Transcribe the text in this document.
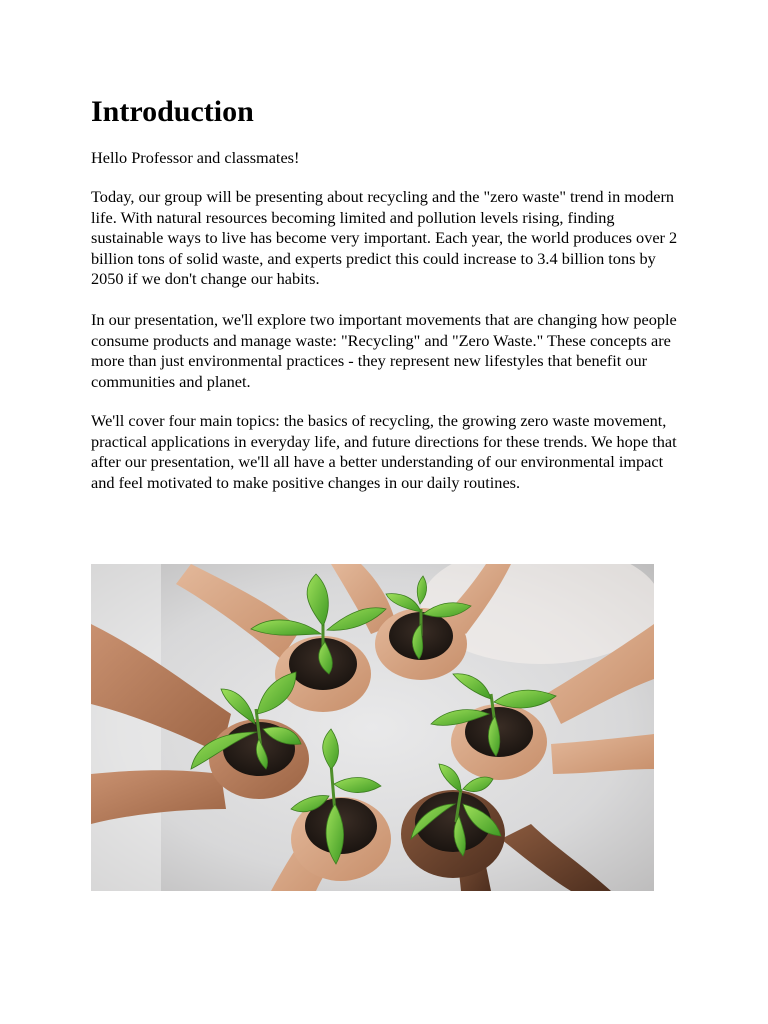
Introduction

Hello Professor and classmates!

Today, our group will be presenting about recycling and the "zero waste" trend in modern life. With natural resources becoming limited and pollution levels rising, finding sustainable ways to live has become very important. Each year, the world produces over 2 billion tons of solid waste, and experts predict this could increase to 3.4 billion tons by 2050 if we don't change our habits.

In our presentation, we'll explore two important movements that are changing how people consume products and manage waste: "Recycling" and "Zero Waste." These concepts are more than just environmental practices - they represent new lifestyles that benefit our communities and planet.

We'll cover four main topics: the basics of recycling, the growing zero waste movement, practical applications in everyday life, and future directions for these trends. We hope that after our presentation, we'll all have a better understanding of our environmental impact and feel motivated to make positive changes in our daily routines.
